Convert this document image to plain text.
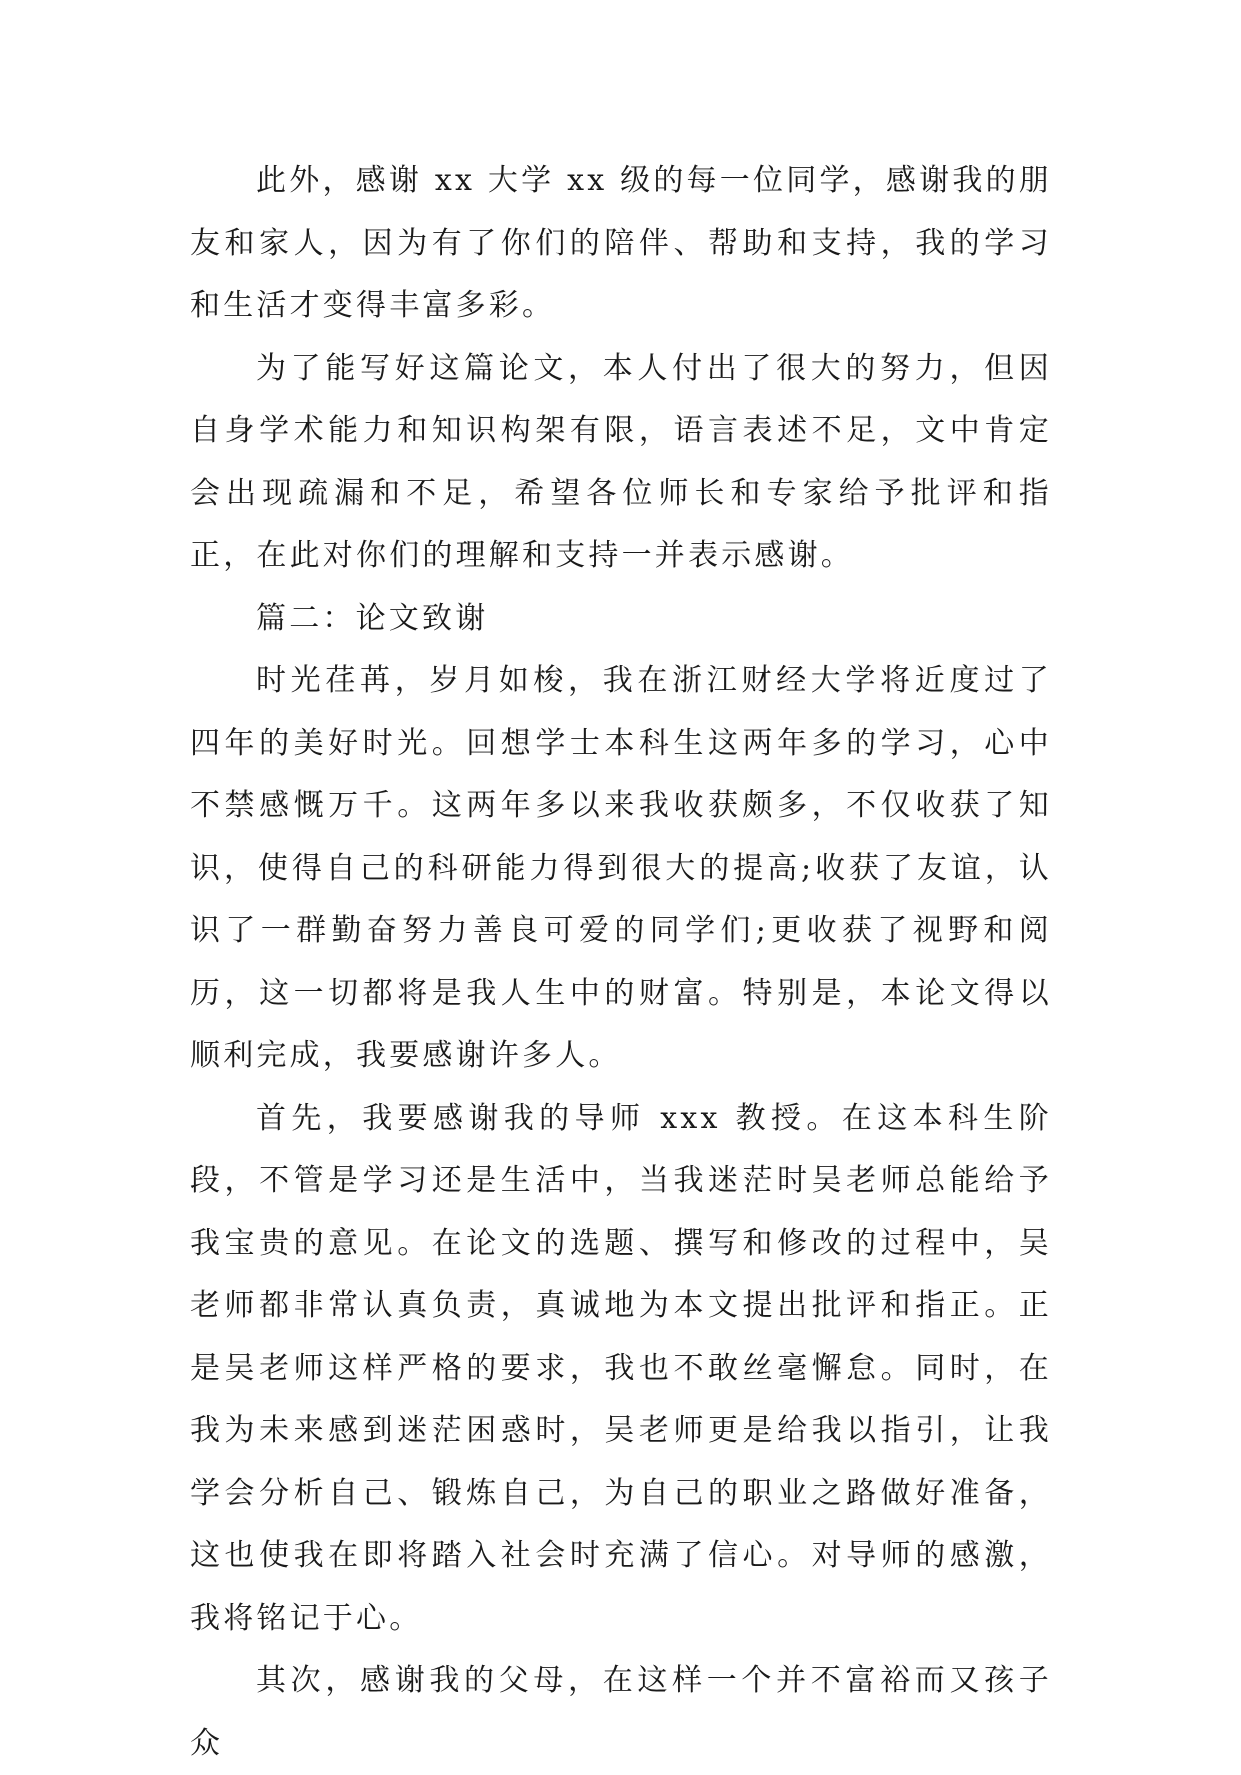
此外，感谢 xx 大学 xx 级的每一位同学，感谢我的朋友和家人，因为有了你们的陪伴、帮助和支持，我的学习和生活才变得丰富多彩。

为了能写好这篇论文，本人付出了很大的努力，但因自身学术能力和知识构架有限，语言表述不足，文中肯定会出现疏漏和不足，希望各位师长和专家给予批评和指正，在此对你们的理解和支持一并表示感谢。

篇二：论文致谢

时光荏苒，岁月如梭，我在浙江财经大学将近度过了四年的美好时光。回想学士本科生这两年多的学习，心中不禁感慨万千。这两年多以来我收获颇多，不仅收获了知识，使得自己的科研能力得到很大的提高;收获了友谊，认识了一群勤奋努力善良可爱的同学们;更收获了视野和阅历，这一切都将是我人生中的财富。特别是，本论文得以顺利完成，我要感谢许多人。

首先，我要感谢我的导师 xxx 教授。在这本科生阶段，不管是学习还是生活中，当我迷茫时吴老师总能给予我宝贵的意见。在论文的选题、撰写和修改的过程中，吴老师都非常认真负责，真诚地为本文提出批评和指正。正是吴老师这样严格的要求，我也不敢丝毫懈怠。同时，在我为未来感到迷茫困惑时，吴老师更是给我以指引，让我学会分析自己、锻炼自己，为自己的职业之路做好准备，这也使我在即将踏入社会时充满了信心。对导师的感激，我将铭记于心。

其次，感谢我的父母，在这样一个并不富裕而又孩子众
